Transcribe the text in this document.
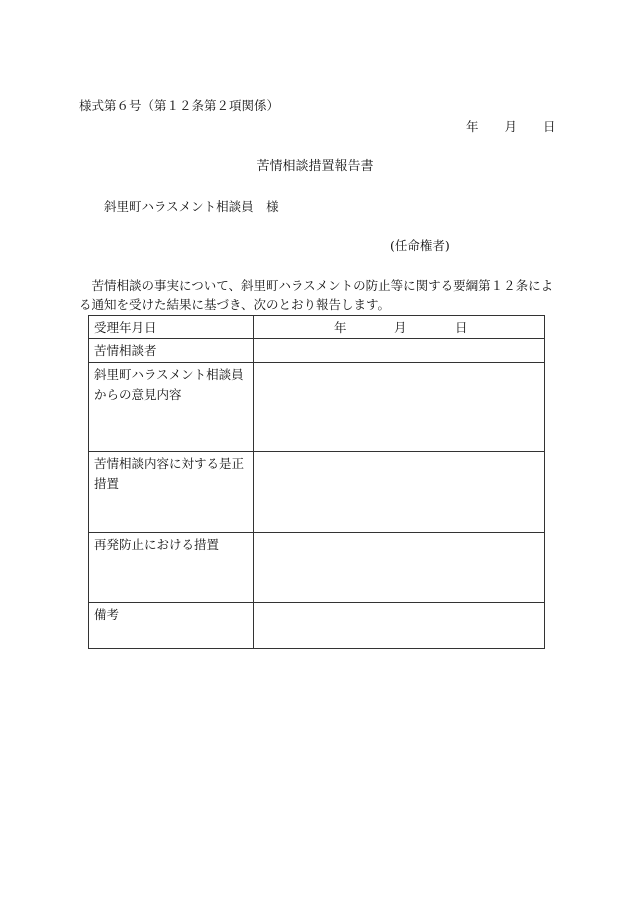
様式第６号（第１２条第２項関係）
年 月 日
苦情相談措置報告書
斜里町ハラスメント相談員　様
(任命権者)
苦情相談の事実について、斜里町ハラスメントの防止等に関する要綱第１２条による通知を受けた結果に基づき、次のとおり報告します。
受理年月日	年 月 日

苦情相談者	
斜里町ハラスメント相談員からの意見内容	
苦情相談内容に対する是正措置	
再発防止における措置	
備考	
